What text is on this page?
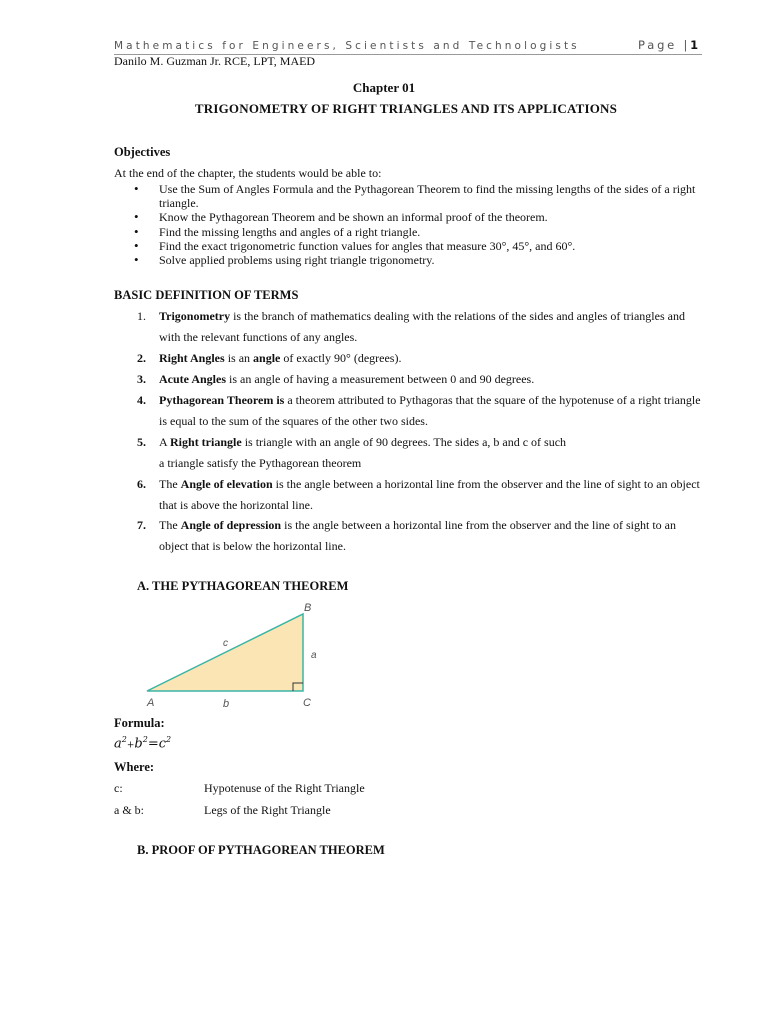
Mathematics for Engineers, Scientists and Technologists	Page |1
Danilo M. Guzman Jr. RCE, LPT, MAED
Chapter 01
TRIGONOMETRY OF RIGHT TRIANGLES AND ITS APPLICATIONS
Objectives
At the end of the chapter, the students would be able to:
• Use the Sum of Angles Formula and the Pythagorean Theorem to find the missing lengths of the sides of a right triangle.
• Know the Pythagorean Theorem and be shown an informal proof of the theorem.
• Find the missing lengths and angles of a right triangle.
• Find the exact trigonometric function values for angles that measure 30°, 45°, and 60°.
• Solve applied problems using right triangle trigonometry.
BASIC DEFINITION OF TERMS
1. Trigonometry is the branch of mathematics dealing with the relations of the sides and angles of triangles and with the relevant functions of any angles.
2. Right Angles is an angle of exactly 90° (degrees).
3. Acute Angles is an angle of having a measurement between 0 and 90 degrees.
4. Pythagorean Theorem is a theorem attributed to Pythagoras that the square of the hypotenuse of a right triangle is equal to the sum of the squares of the other two sides.
5. A Right triangle is triangle with an angle of 90 degrees. The sides a, b and c of such
a triangle satisfy the Pythagorean theorem
6. The Angle of elevation is the angle between a horizontal line from the observer and the line of sight to an object that is above the horizontal line.
7. The Angle of depression is the angle between a horizontal line from the observer and the line of sight to an object that is below the horizontal line.
A. THE PYTHAGOREAN THEOREM
A
B
C
a
b
c
Formula:
$a^2+b^2=c^2$
Where:
c:	Hypotenuse of the Right Triangle
a & b:	Legs of the Right Triangle
B. PROOF OF PYTHAGOREAN THEOREM
